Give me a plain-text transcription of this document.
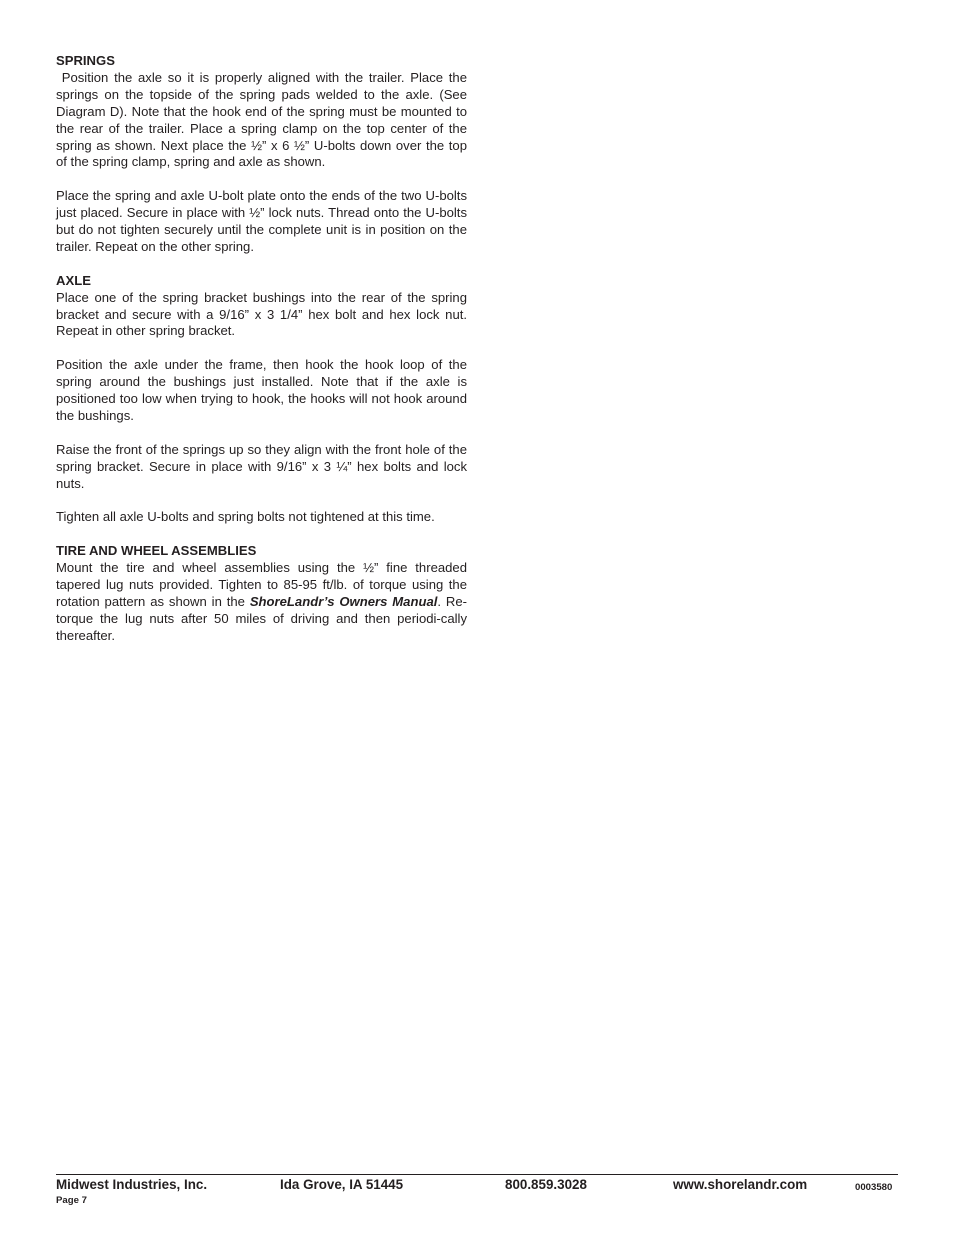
SPRINGS

Position the axle so it is properly aligned with the trailer. Place the springs on the topside of the spring pads welded to the axle. (See Diagram D). Note that the hook end of the spring must be mounted to the rear of the trailer. Place a spring clamp on the top center of the spring as shown. Next place the ½” x 6 ½” U-bolts down over the top of the spring clamp, spring and axle as shown.

Place the spring and axle U-bolt plate onto the ends of the two U-bolts just placed. Secure in place with ½” lock nuts. Thread onto the U-bolts but do not tighten securely until the complete unit is in position on the trailer. Repeat on the other spring.

AXLE

Place one of the spring bracket bushings into the rear of the spring bracket and secure with a 9/16” x 3 1/4” hex bolt and hex lock nut. Repeat in other spring bracket.

Position the axle under the frame, then hook the hook loop of the spring around the bushings just installed. Note that if the axle is positioned too low when trying to hook, the hooks will not hook around the bushings.

Raise the front of the springs up so they align with the front hole of the spring bracket. Secure in place with 9/16” x 3 ¼” hex bolts and lock nuts.

Tighten all axle U-bolts and spring bolts not tightened at this time.

TIRE AND WHEEL ASSEMBLIES

Mount the tire and wheel assemblies using the ½” fine threaded tapered lug nuts provided. Tighten to 85-95 ft/lb. of torque using the rotation pattern as shown in the ShoreLandr’s Owners Manual. Re-torque the lug nuts after 50 miles of driving and then periodi-cally thereafter.

Midwest Industries, Inc.	Ida Grove, IA 51445	800.859.3028	www.shorelandr.com	0003580
Page 7
